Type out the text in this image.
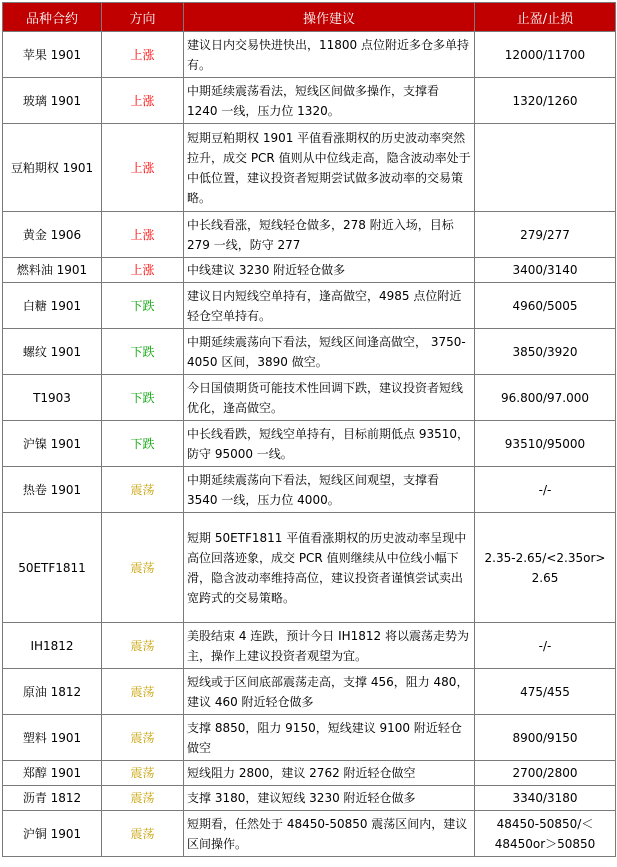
品种合约	方向	操作建议	止盈/止损
苹果 1901	上涨	建议日内交易快进快出，11800 点位附近多仓多单持有。	12000/11700
玻璃 1901	上涨	中期延续震荡看法，短线区间做多操作，支撑看 1240 一线，压力位 1320。	1320/1260
豆粕期权 1901	上涨	短期豆粕期权 1901 平值看涨期权的历史波动率突然拉升，成交 PCR 值则从中位线走高，隐含波动率处于中低位置，建议投资者短期尝试做多波动率的交易策略。	
黄金 1906	上涨	中长线看涨，短线轻仓做多，278 附近入场，目标 279 一线，防守 277	279/277
燃料油 1901	上涨	中线建议 3230 附近轻仓做多	3400/3140
白糖 1901	下跌	建议日内短线空单持有，逢高做空，4985 点位附近轻仓空单持有。	4960/5005
螺纹 1901	下跌	中期延续震荡向下看法，短线区间逢高做空， 3750-4050 区间，3890 做空。	3850/3920
T1903	下跌	今日国债期货可能技术性回调下跌，建议投资者短线优化，逢高做空。	96.800/97.000
沪镍 1901	下跌	中长线看跌，短线空单持有，目标前期低点 93510，防守 95000 一线。	93510/95000
热卷 1901	震荡	中期延续震荡向下看法，短线区间观望，支撑看 3540 一线，压力位 4000。	-/-
50ETF1811	震荡	短期 50ETF1811 平值看涨期权的历史波动率呈现中高位回落迹象，成交 PCR 值则继续从中位线小幅下滑，隐含波动率维持高位，建议投资者谨慎尝试卖出宽跨式的交易策略。	2.35-2.65/<2.35or> 2.65
IH1812	震荡	美股结束 4 连跌，预计今日 IH1812 将以震荡走势为主，操作上建议投资者观望为宜。	-/-
原油 1812	震荡	短线或于区间底部震荡走高，支撑 456，阻力 480，建议 460 附近轻仓做多	475/455
塑料 1901	震荡	支撑 8850，阻力 9150，短线建议 9100 附近轻仓做空	8900/9150
郑醇 1901	震荡	短线阻力 2800，建议 2762 附近轻仓做空	2700/2800
沥青 1812	震荡	支撑 3180，建议短线 3230 附近轻仓做多	3340/3180
沪铜 1901	震荡	短期看，任然处于 48450-50850 震荡区间内，建议区间操作。	48450-50850/＜48450or＞50850
